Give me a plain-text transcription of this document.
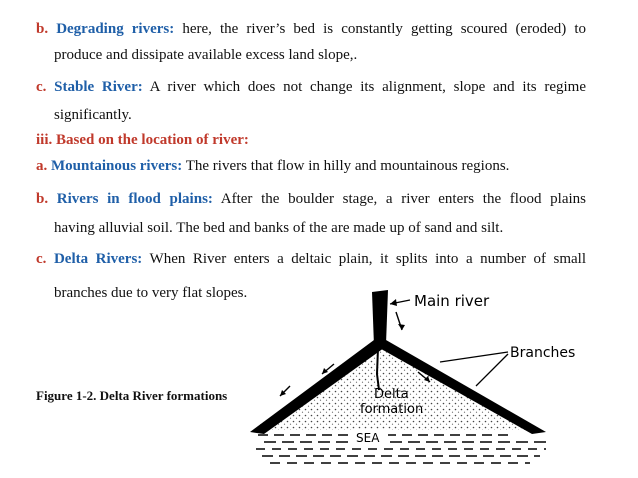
b. Degrading rivers: here, the river’s bed is constantly getting scoured (eroded) to
produce and dissipate available excess land slope,.
c. Stable River: A river which does not change its alignment, slope and its regime
significantly.
iii. Based on the location of river:
a. Mountainous rivers: The rivers that flow in hilly and mountainous regions.
b. Rivers in flood plains: After the boulder stage, a river enters the flood plains
having alluvial soil. The bed and banks of the are made up of sand and silt.
c. Delta Rivers: When River enters a deltaic plain, it splits into a number of small
branches due to very flat slopes.
Figure 1-2. Delta River formations
Main river
Branches
Delta
formation
SEA
